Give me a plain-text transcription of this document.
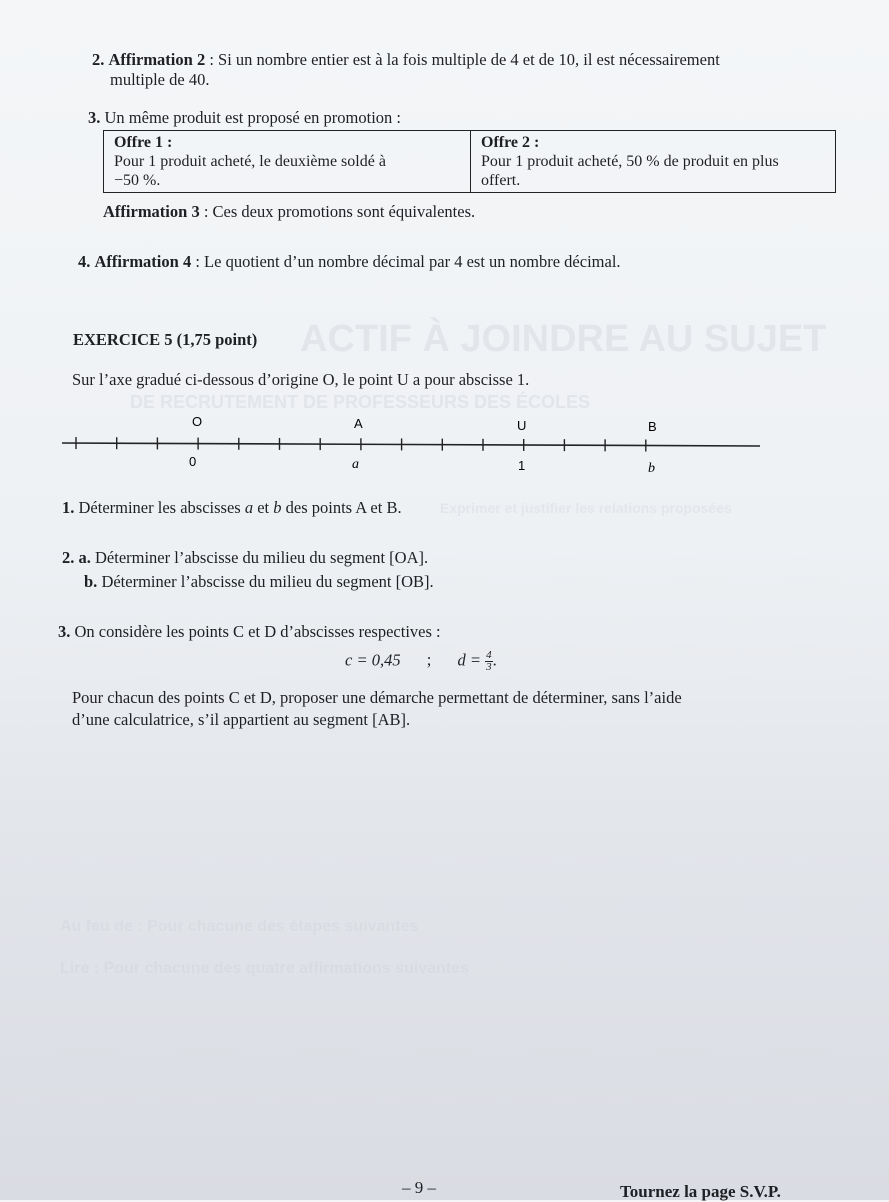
ACTIF À JOINDRE AU SUJET
DE RECRUTEMENT DE PROFESSEURS DES ÉCOLES
Exprimer et justifier les relations proposées
Au feu de : Pour chacune des étapes suivantes
Lire : Pour chacune des quatre affirmations suivantes
2. Affirmation 2 : Si un nombre entier est à la fois multiple de 4 et de 10, il est nécessairement
multiple de 40.
3. Un même produit est proposé en promotion :
Offre 1 :
Pour 1 produit acheté, le deuxième soldé à
−50 %.

Offre 2 :
Pour 1 produit acheté, 50 % de produit en plus
offert.
Affirmation 3 : Ces deux promotions sont équivalentes.
4. Affirmation 4 : Le quotient d’un nombre décimal par 4 est un nombre décimal.
EXERCICE 5 (1,75 point)
Sur l’axe gradué ci-dessous d’origine O, le point U a pour abscisse 1.
O	A	U	B
0	a	1	b
1. Déterminer les abscisses a et b des points A et B.
2. a. Déterminer l’abscisse du milieu du segment [OA].
b. Déterminer l’abscisse du milieu du segment [OB].
3. On considère les points C et D d’abscisses respectives :
c = 0,45 ; $d = \frac{4}{3}$ .
Pour chacun des points C et D, proposer une démarche permettant de déterminer, sans l’aide
d’une calculatrice, s’il appartient au segment [AB].
– 9 –	Tournez la page S.V.P.
